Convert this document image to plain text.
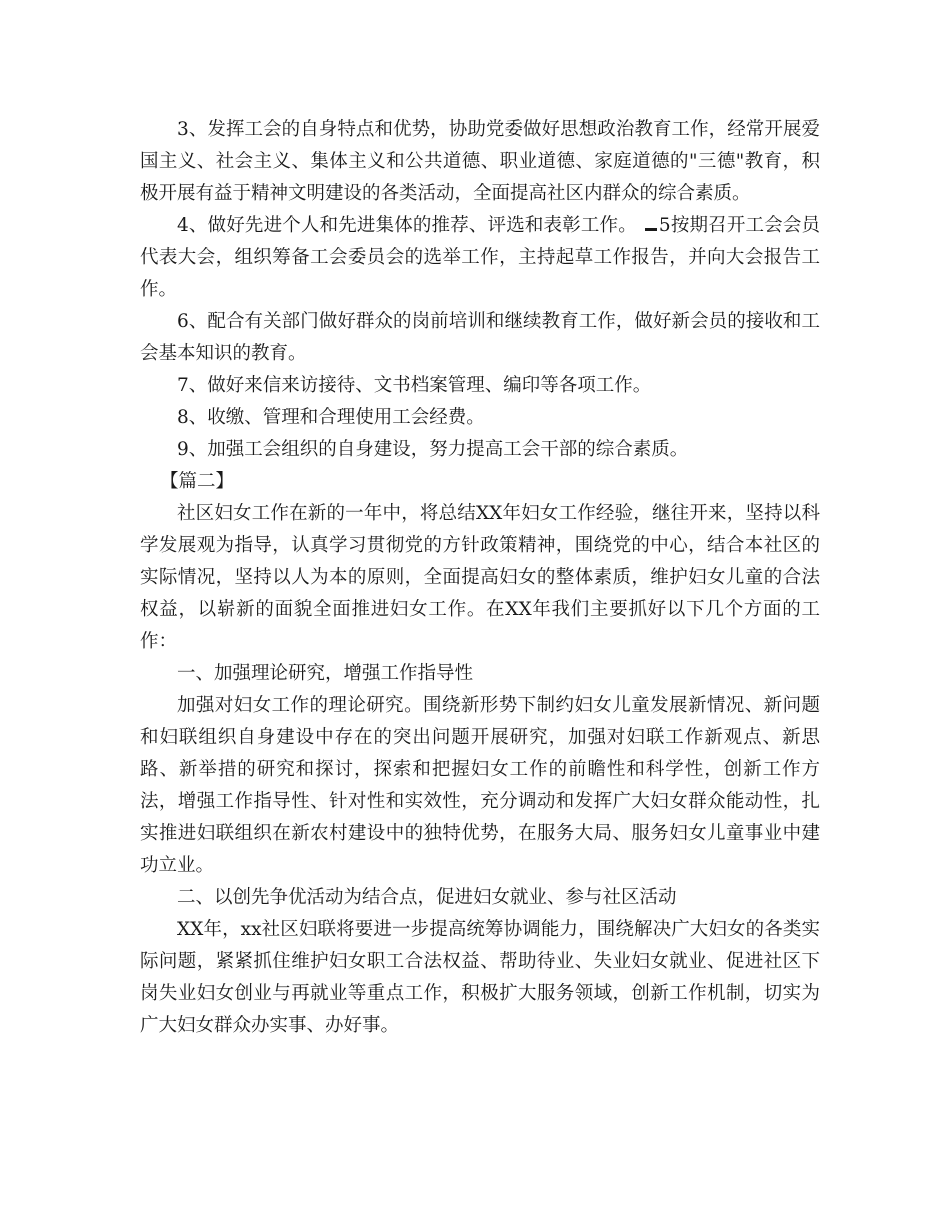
3、发挥工会的自身特点和优势，协助党委做好思想政治教育工作，经常开展爱国主义、社会主义、集体主义和公共道德、职业道德、家庭道德的"三德"教育，积极开展有益于精神文明建设的各类活动，全面提高社区内群众的综合素质。

4、做好先进个人和先进集体的推荐、评选和表彰工作。 5按期召开工会会员代表大会，组织筹备工会委员会的选举工作，主持起草工作报告，并向大会报告工作。

6、配合有关部门做好群众的岗前培训和继续教育工作，做好新会员的接收和工会基本知识的教育。

7、做好来信来访接待、文书档案管理、编印等各项工作。

8、收缴、管理和合理使用工会经费。

9、加强工会组织的自身建设，努力提高工会干部的综合素质。

【篇二】

社区妇女工作在新的一年中，将总结XX年妇女工作经验，继往开来，坚持以科学发展观为指导，认真学习贯彻党的方针政策精神，围绕党的中心，结合本社区的实际情况，坚持以人为本的原则，全面提高妇女的整体素质，维护妇女儿童的合法权益，以崭新的面貌全面推进妇女工作。在XX年我们主要抓好以下几个方面的工作：

一、加强理论研究，增强工作指导性

加强对妇女工作的理论研究。围绕新形势下制约妇女儿童发展新情况、新问题和妇联组织自身建设中存在的突出问题开展研究，加强对妇联工作新观点、新思路、新举措的研究和探讨，探索和把握妇女工作的前瞻性和科学性，创新工作方法，增强工作指导性、针对性和实效性，充分调动和发挥广大妇女群众能动性，扎实推进妇联组织在新农村建设中的独特优势，在服务大局、服务妇女儿童事业中建功立业。

二、以创先争优活动为结合点，促进妇女就业、参与社区活动

XX年，xx社区妇联将要进一步提高统筹协调能力，围绕解决广大妇女的各类实际问题，紧紧抓住维护妇女职工合法权益、帮助待业、失业妇女就业、促进社区下岗失业妇女创业与再就业等重点工作，积极扩大服务领域，创新工作机制，切实为广大妇女群众办实事、办好事。
